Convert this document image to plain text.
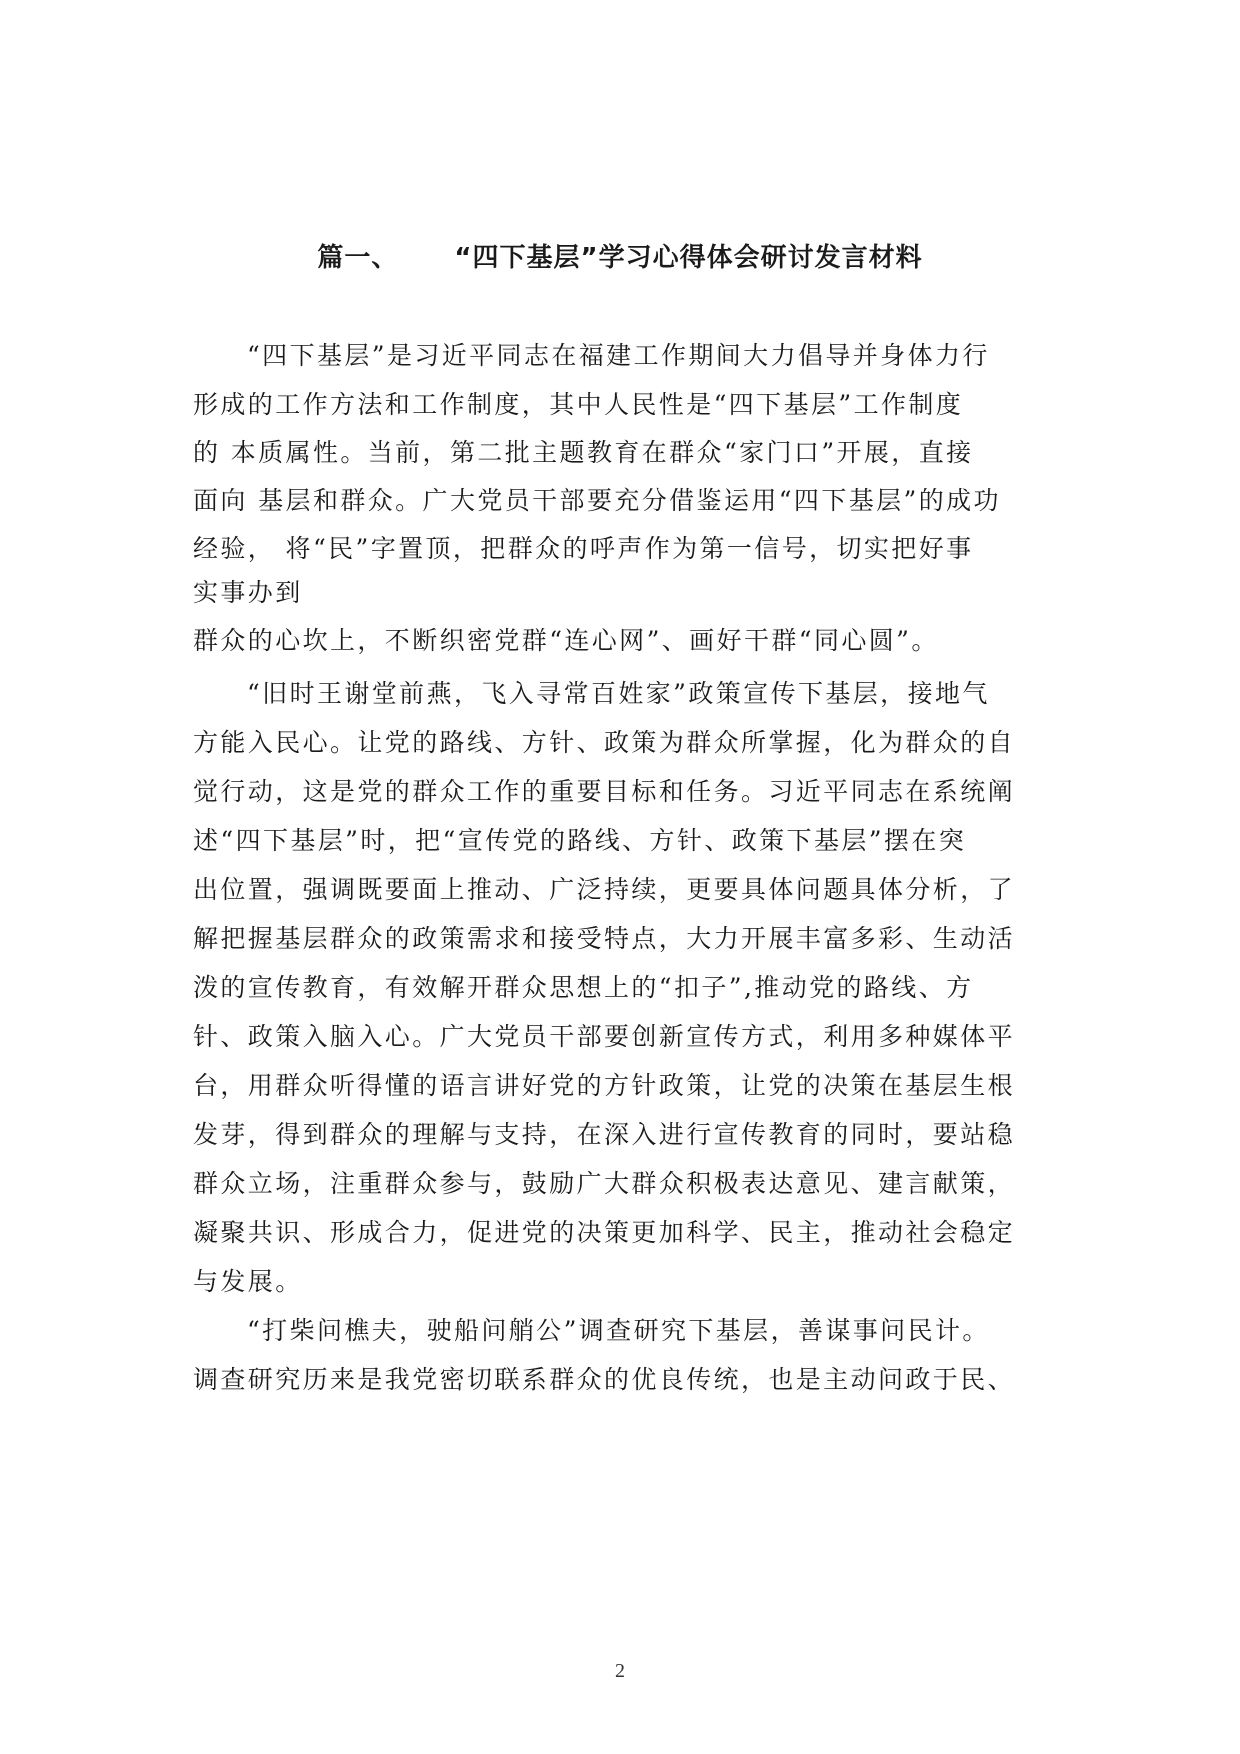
篇一、 “四下基层”学习心得体会研讨发言材料
“四下基层”是习近平同志在福建工作期间大力倡导并身体力行
形成的工作方法和工作制度，其中人民性是“四下基层”工作制度
的 本质属性。当前，第二批主题教育在群众“家门口”开展，直接
面向 基层和群众。广大党员干部要充分借鉴运用“四下基层”的成功
经验， 将“民”字置顶，把群众的呼声作为第一信号，切实把好事
实事办到
群众的心坎上，不断织密党群“连心网”、画好干群“同心圆”。
“旧时王谢堂前燕，飞入寻常百姓家”政策宣传下基层，接地气
方能入民心。让党的路线、方针、政策为群众所掌握，化为群众的自
觉行动，这是党的群众工作的重要目标和任务。习近平同志在系统阐
述“四下基层”时，把“宣传党的路线、方针、政策下基层”摆在突
出位置，强调既要面上推动、广泛持续，更要具体问题具体分析，了
解把握基层群众的政策需求和接受特点，大力开展丰富多彩、生动活
泼的宣传教育，有效解开群众思想上的“扣子”,推动党的路线、方
针、政策入脑入心。广大党员干部要创新宣传方式，利用多种媒体平
台，用群众听得懂的语言讲好党的方针政策，让党的决策在基层生根
发芽，得到群众的理解与支持，在深入进行宣传教育的同时，要站稳
群众立场，注重群众参与，鼓励广大群众积极表达意见、建言献策，
凝聚共识、形成合力，促进党的决策更加科学、民主，推动社会稳定
与发展。
“打柴问樵夫，驶船问艄公”调查研究下基层，善谋事问民计。
调查研究历来是我党密切联系群众的优良传统，也是主动问政于民、
2
